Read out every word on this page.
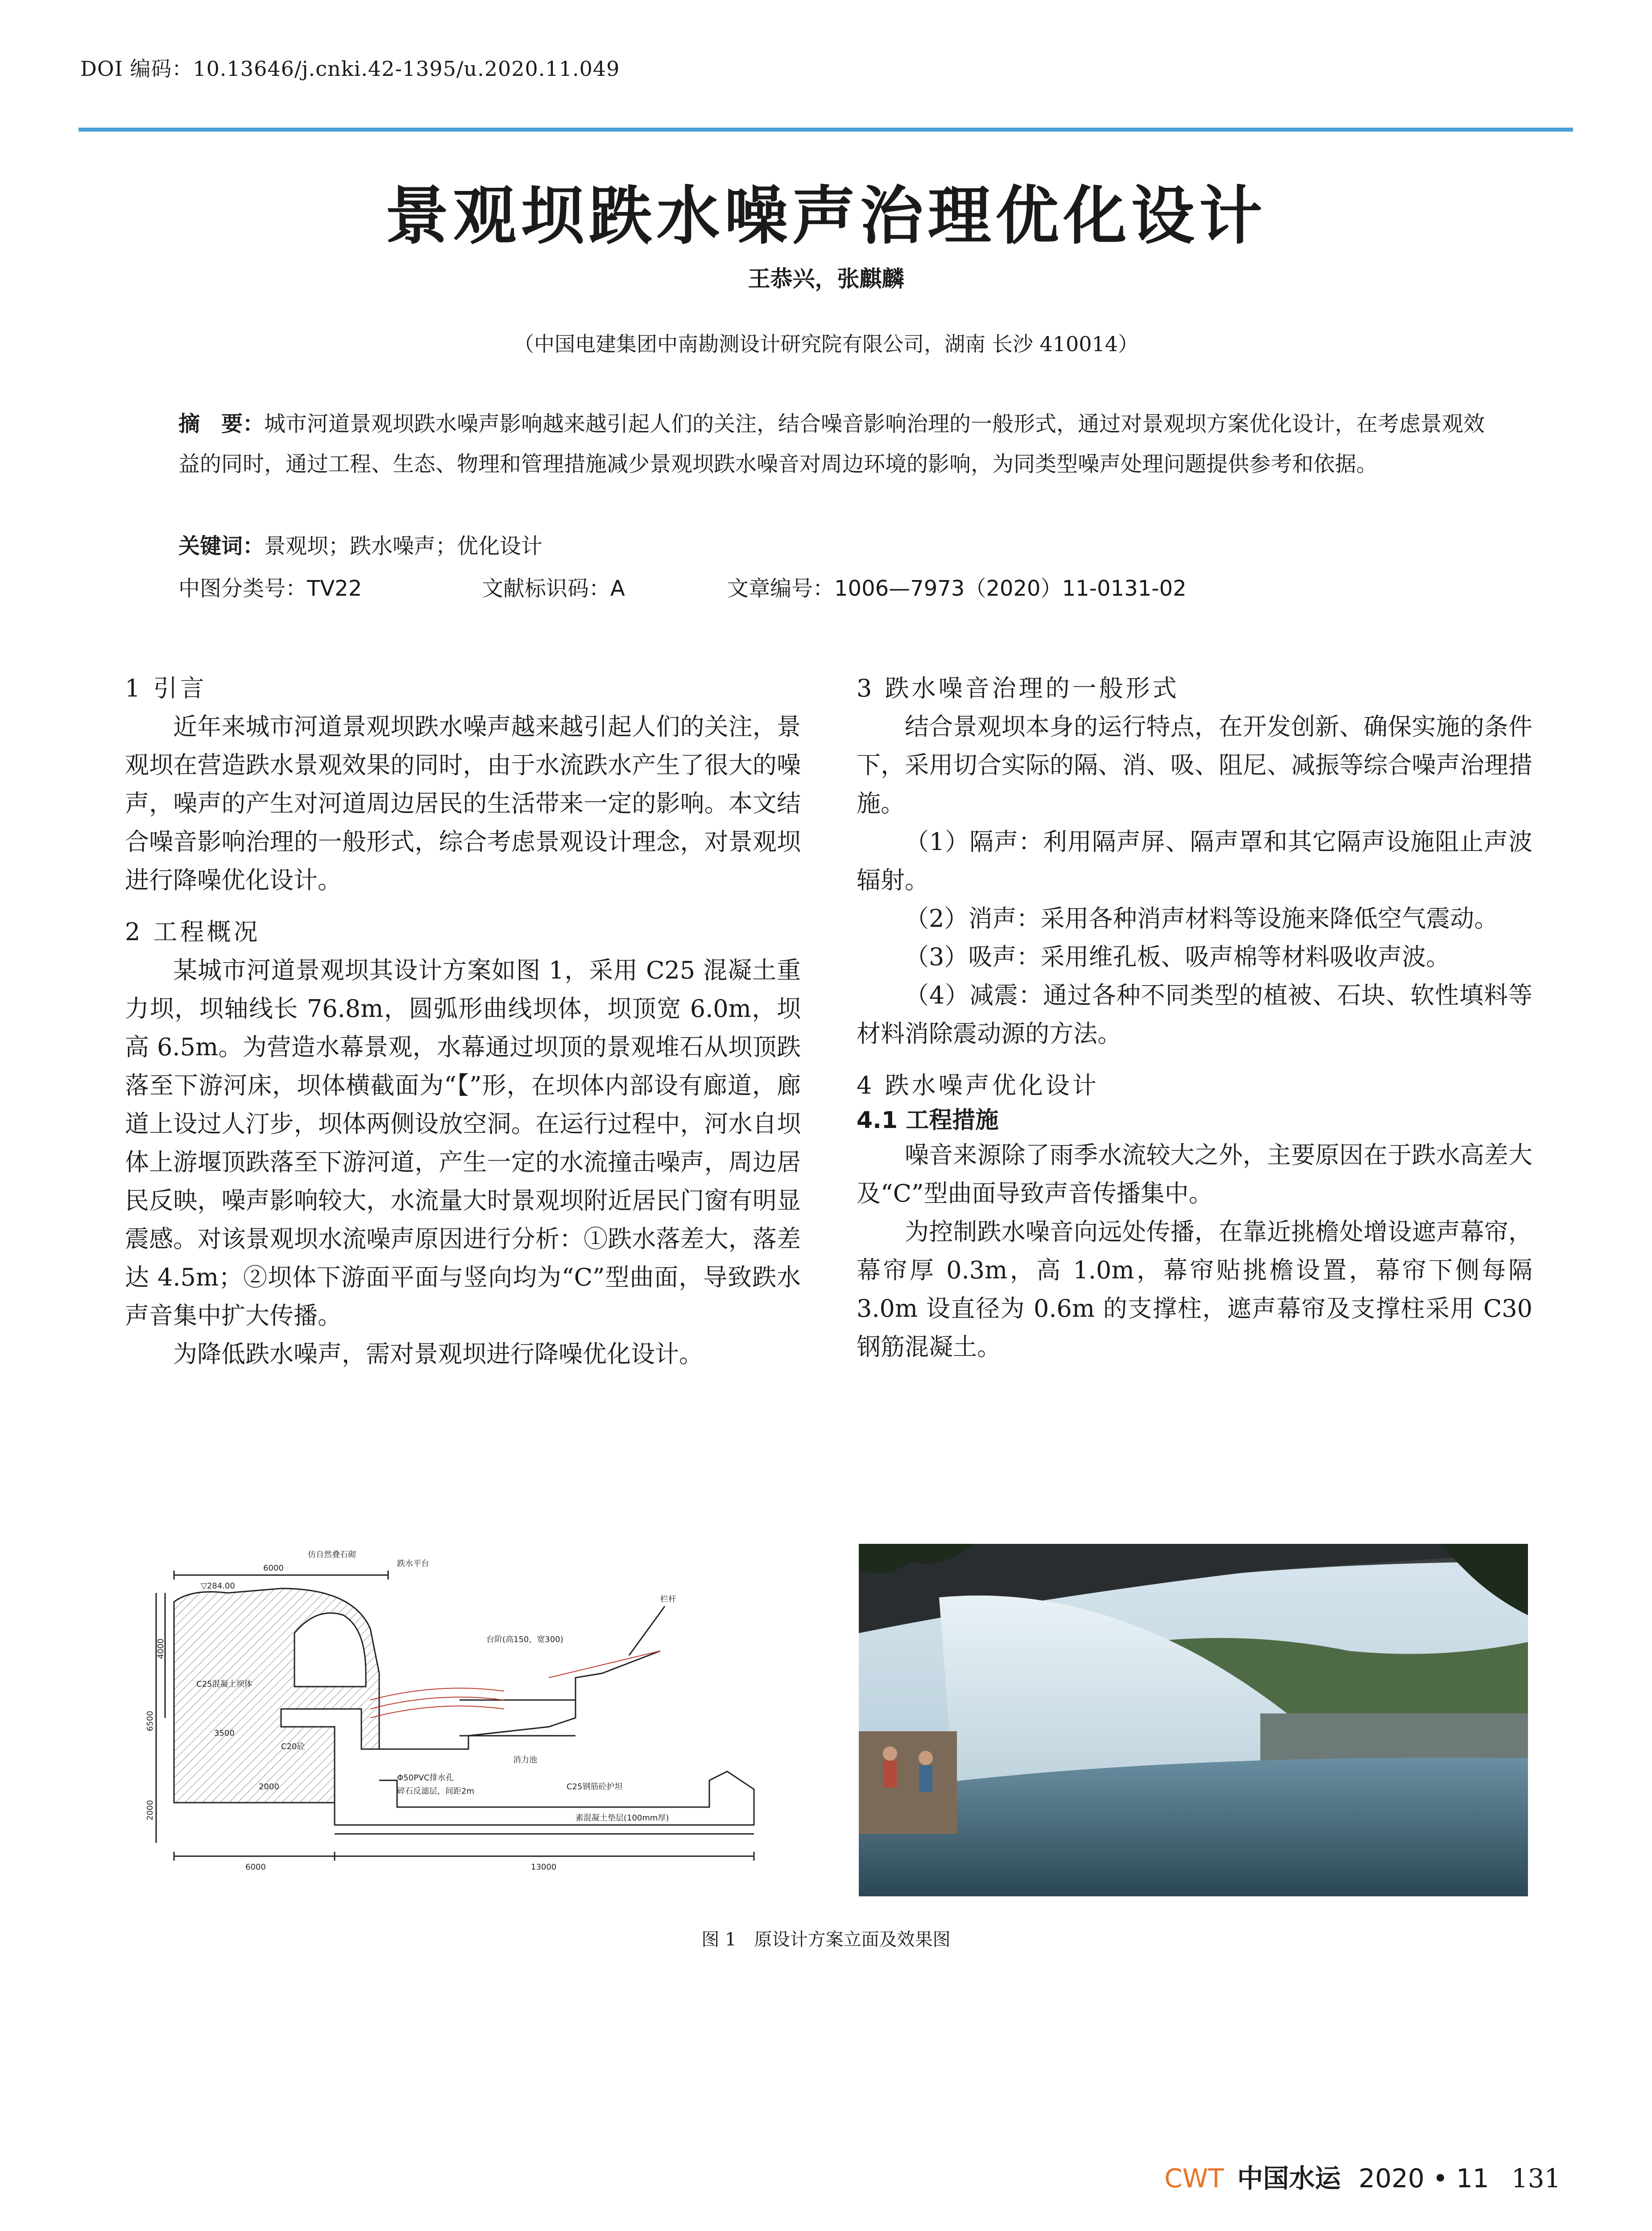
DOI 编码：10.13646/j.cnki.42-1395/u.2020.11.049
景观坝跌水噪声治理优化设计
王恭兴，张麒麟
（中国电建集团中南勘测设计研究院有限公司，湖南 长沙 410014）
摘　要：城市河道景观坝跌水噪声影响越来越引起人们的关注，结合噪音影响治理的一般形式，通过对景观坝方案优化设计，在考虑景观效益的同时，通过工程、生态、物理和管理措施减少景观坝跌水噪音对周边环境的影响，为同类型噪声处理问题提供参考和依据。
关键词：景观坝；跌水噪声；优化设计
中图分类号：TV22	文献标识码：A	文章编号：1006—7973（2020）11-0131-02
1 引言

近年来城市河道景观坝跌水噪声越来越引起人们的关注，景观坝在营造跌水景观效果的同时，由于水流跌水产生了很大的噪声，噪声的产生对河道周边居民的生活带来一定的影响。本文结合噪音影响治理的一般形式，综合考虑景观设计理念，对景观坝进行降噪优化设计。

2 工程概况

某城市河道景观坝其设计方案如图 1，采用 C25 混凝土重力坝，坝轴线长 76.8m，圆弧形曲线坝体，坝顶宽 6.0m，坝高 6.5m。为营造水幕景观，水幕通过坝顶的景观堆石从坝顶跌落至下游河床，坝体横截面为“【”形，在坝体内部设有廊道，廊道上设过人汀步，坝体两侧设放空洞。在运行过程中，河水自坝体上游堰顶跌落至下游河道，产生一定的水流撞击噪声，周边居民反映，噪声影响较大，水流量大时景观坝附近居民门窗有明显震感。对该景观坝水流噪声原因进行分析：①跌水落差大，落差达 4.5m；②坝体下游面平面与竖向均为“C”型曲面，导致跌水声音集中扩大传播。

为降低跌水噪声，需对景观坝进行降噪优化设计。

3 跌水噪音治理的一般形式

结合景观坝本身的运行特点，在开发创新、确保实施的条件下，采用切合实际的隔、消、吸、阻尼、减振等综合噪声治理措施。

（1）隔声：利用隔声屏、隔声罩和其它隔声设施阻止声波辐射。

（2）消声：采用各种消声材料等设施来降低空气震动。

（3）吸声：采用维孔板、吸声棉等材料吸收声波。

（4）减震：通过各种不同类型的植被、石块、软性填料等材料消除震动源的方法。

4 跌水噪声优化设计
4.1 工程措施

噪音来源除了雨季水流较大之外，主要原因在于跌水高差大及“C”型曲面导致声音传播集中。

为控制跌水噪音向远处传播，在靠近挑檐处增设遮声幕帘，幕帘厚 0.3m，高 1.0m，幕帘贴挑檐设置，幕帘下侧每隔 3.0m 设直径为 0.6m 的支撑柱，遮声幕帘及支撑柱采用 C30 钢筋混凝土。

6000
仿自然叠石砌
跌水平台
▽284.00
C25混凝土坝体
台阶(高150，宽300)
栏杆
消力池
Φ50PVC排水孔
碎石反滤层，间距2m	C25钢筋砼护坦
素混凝土垫层(100mm厚)
C20砼
6000	13000
6500
4000
2000
3500
2000
图 1　原设计方案立面及效果图
CWT 中国水运 2020 • 11 131
